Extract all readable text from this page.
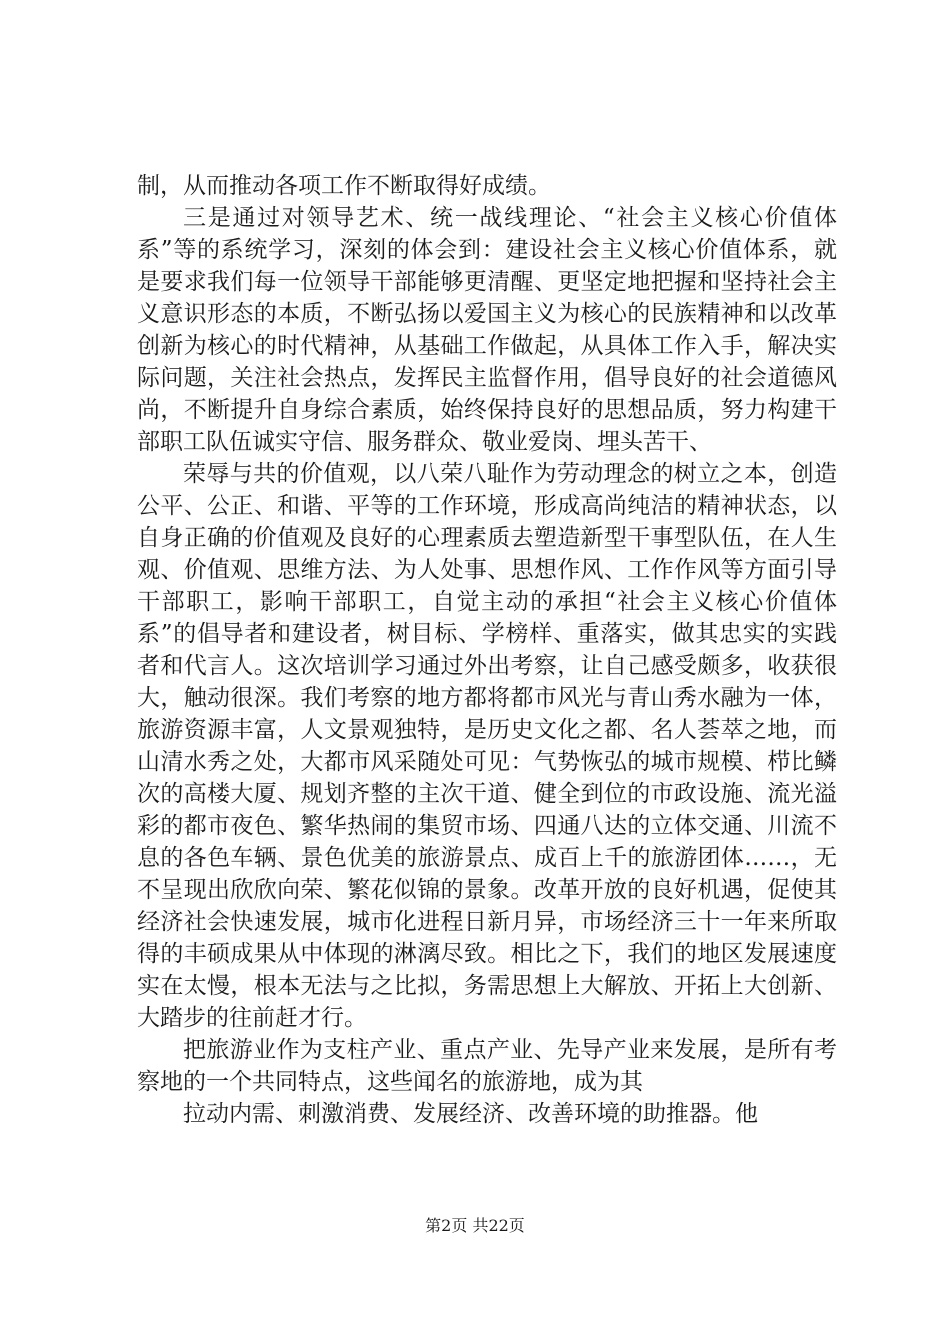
制，从而推动各项工作不断取得好成绩。

三是通过对领导艺术、统一战线理论、“社会主义核心价值体系”等的系统学习，深刻的体会到：建设社会主义核心价值体系，就是要求我们每一位领导干部能够更清醒、更坚定地把握和坚持社会主义意识形态的本质，不断弘扬以爱国主义为核心的民族精神和以改革创新为核心的时代精神，从基础工作做起，从具体工作入手，解决实际问题，关注社会热点，发挥民主监督作用，倡导良好的社会道德风尚，不断提升自身综合素质，始终保持良好的思想品质，努力构建干部职工队伍诚实守信、服务群众、敬业爱岗、埋头苦干、

荣辱与共的价值观，以八荣八耻作为劳动理念的树立之本，创造公平、公正、和谐、平等的工作环境，形成高尚纯洁的精神状态，以自身正确的价值观及良好的心理素质去塑造新型干事型队伍，在人生观、价值观、思维方法、为人处事、思想作风、工作作风等方面引导干部职工，影响干部职工，自觉主动的承担“社会主义核心价值体系”的倡导者和建设者，树目标、学榜样、重落实，做其忠实的实践者和代言人。这次培训学习通过外出考察，让自己感受颇多，收获很大，触动很深。我们考察的地方都将都市风光与青山秀水融为一体，旅游资源丰富，人文景观独特，是历史文化之都、名人荟萃之地，而山清水秀之处，大都市风采随处可见：气势恢弘的城市规模、栉比鳞次的高楼大厦、规划齐整的主次干道、健全到位的市政设施、流光溢彩的都市夜色、繁华热闹的集贸市场、四通八达的立体交通、川流不息的各色车辆、景色优美的旅游景点、成百上千的旅游团体……，无不呈现出欣欣向荣、繁花似锦的景象。改革开放的良好机遇，促使其经济社会快速发展，城市化进程日新月异，市场经济三十一年来所取得的丰硕成果从中体现的淋漓尽致。相比之下，我们的地区发展速度实在太慢，根本无法与之比拟，务需思想上大解放、开拓上大创新、大踏步的往前赶才行。

把旅游业作为支柱产业、重点产业、先导产业来发展，是所有考察地的一个共同特点，这些闻名的旅游地，成为其

拉动内需、刺激消费、发展经济、改善环境的助推器。他

第2页 共22页
